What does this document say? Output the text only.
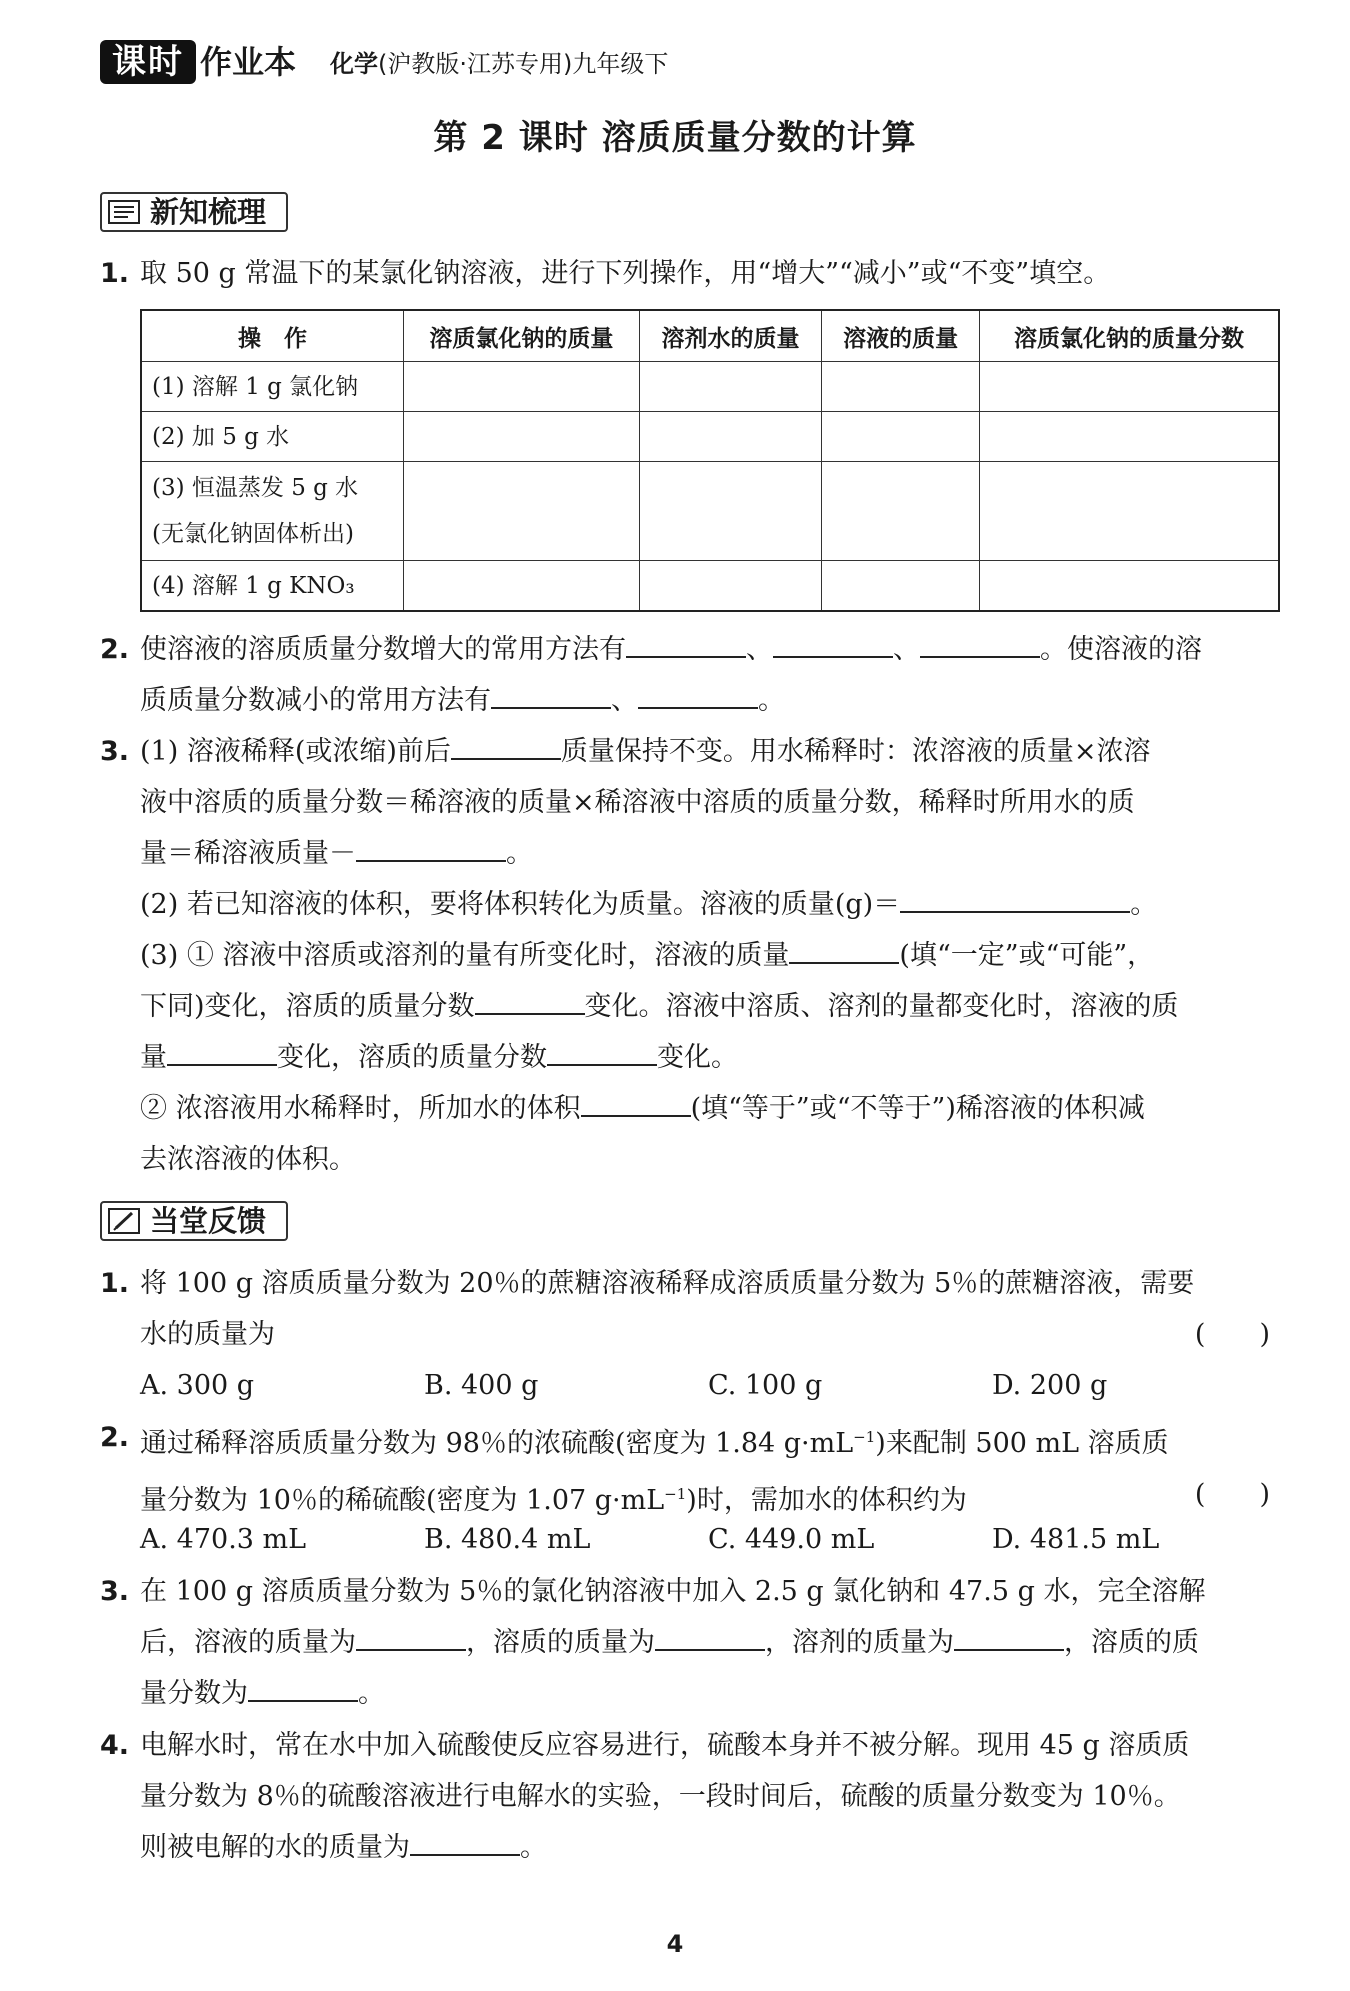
课时 作业本 化学(沪教版·江苏专用)九年级下
第 2 课时 溶质质量分数的计算
新知梳理
1. 取 50 g 常温下的某氯化钠溶液，进行下列操作，用“增大”“减小”或“不变”填空。
操　作	溶质氯化钠的质量	溶剂水的质量	溶液的质量	溶质氯化钠的质量分数
(1) 溶解 1 g 氯化钠				
(2) 加 5 g 水				

(3) 恒温蒸发 5 g 水
(无氯化钠固体析出)				

(4) 溶解 1 g KNO₃				
2. 使溶液的溶质质量分数增大的常用方法有	、	、	。使溶液的溶
质质量分数减小的常用方法有	、	。
3. (1) 溶液稀释(或浓缩)前后	质量保持不变。用水稀释时：浓溶液的质量×浓溶
液中溶质的质量分数＝稀溶液的质量×稀溶液中溶质的质量分数，稀释时所用水的质
量＝稀溶液质量－	。
(2) 若已知溶液的体积，要将体积转化为质量。溶液的质量(g)＝	。
(3) ① 溶液中溶质或溶剂的量有所变化时，溶液的质量	(填“一定”或“可能”，
下同)变化，溶质的质量分数	变化。溶液中溶质、溶剂的量都变化时，溶液的质
量	变化，溶质的质量分数	变化。
② 浓溶液用水稀释时，所加水的体积	(填“等于”或“不等于”)稀溶液的体积减
去浓溶液的体积。
当堂反馈
1. 将 100 g 溶质质量分数为 20％的蔗糖溶液稀释成溶质质量分数为 5％的蔗糖溶液，需要
水的质量为	(　　)
A. 300 g	B. 400 g	C. 100 g	D. 200 g
2. 通过稀释溶质质量分数为 98％的浓硫酸(密度为 1.84 $g\cdot mL^{-1}$)来配制 500 mL 溶质质
量分数为 10％的稀硫酸(密度为 1.07 $g\cdot mL^{-1}$)时，需加水的体积约为	(　　)
A. 470.3 mL	B. 480.4 mL	C. 449.0 mL	D. 481.5 mL
3. 在 100 g 溶质质量分数为 5％的氯化钠溶液中加入 2.5 g 氯化钠和 47.5 g 水，完全溶解
后，溶液的质量为	，溶质的质量为	，溶剂的质量为	，溶质的质
量分数为	。
4. 电解水时，常在水中加入硫酸使反应容易进行，硫酸本身并不被分解。现用 45 g 溶质质
量分数为 8％的硫酸溶液进行电解水的实验，一段时间后，硫酸的质量分数变为 10％。
则被电解的水的质量为	。
4
